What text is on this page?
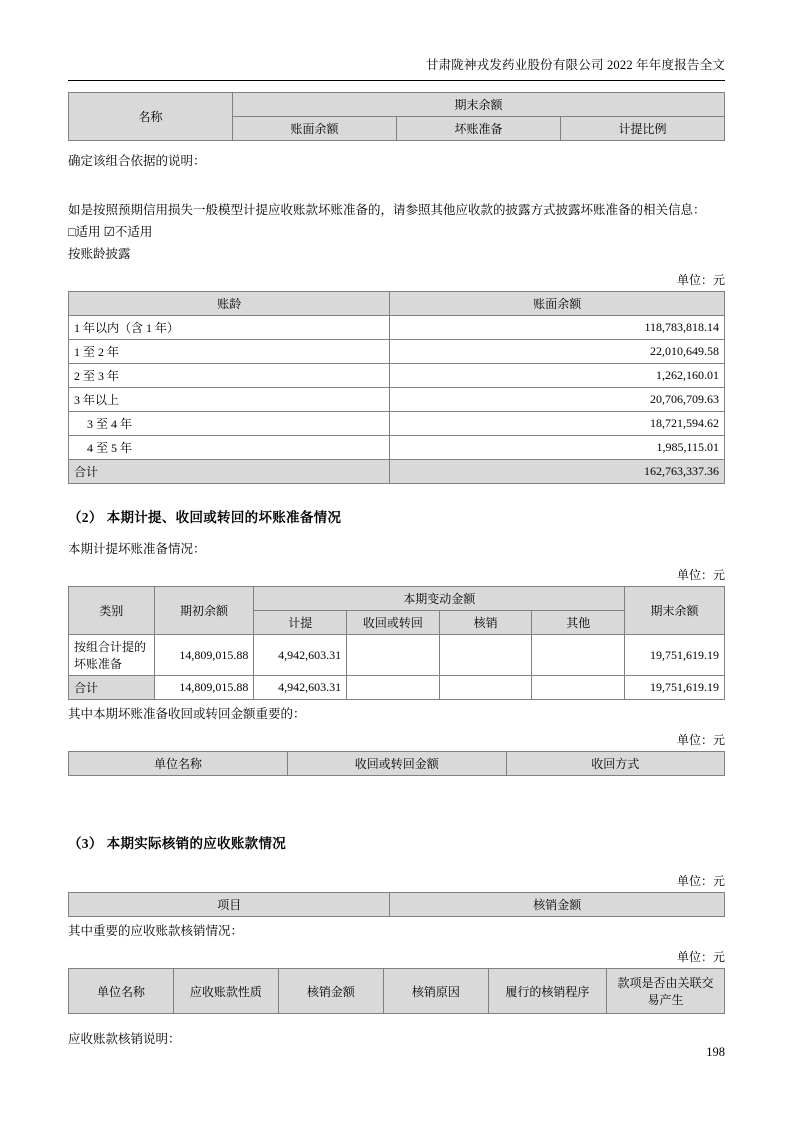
甘肃陇神戎发药业股份有限公司 2022 年年度报告全文
名称	期末余额		
	账面余额	坏账准备	计提比例
确定该组合依据的说明：
如是按照预期信用损失一般模型计提应收账款坏账准备的，请参照其他应收款的披露方式披露坏账准备的相关信息：
□适用 ☑不适用
按账龄披露
单位：元
账龄	账面余额
1 年以内（含 1 年）	118,783,818.14
1 至 2 年	22,010,649.58
2 至 3 年	1,262,160.01
3 年以上	20,706,709.63
3 至 4 年	18,721,594.62
4 至 5 年	1,985,115.01
合计	162,763,337.36
（2） 本期计提、收回或转回的坏账准备情况
本期计提坏账准备情况：
单位：元
类别	期初余额	本期变动金额				期末余额
		计提	收回或转回	核销	其他	
按组合计提的坏账准备	14,809,015.88	4,942,603.31				19,751,619.19
合计	14,809,015.88	4,942,603.31				19,751,619.19
其中本期坏账准备收回或转回金额重要的：
单位：元
单位名称	收回或转回金额	收回方式
（3） 本期实际核销的应收账款情况
单位：元
项目	核销金额
其中重要的应收账款核销情况：
单位：元
单位名称	应收账款性质	核销金额	核销原因	履行的核销程序	款项是否由关联交易产生
应收账款核销说明：
198
